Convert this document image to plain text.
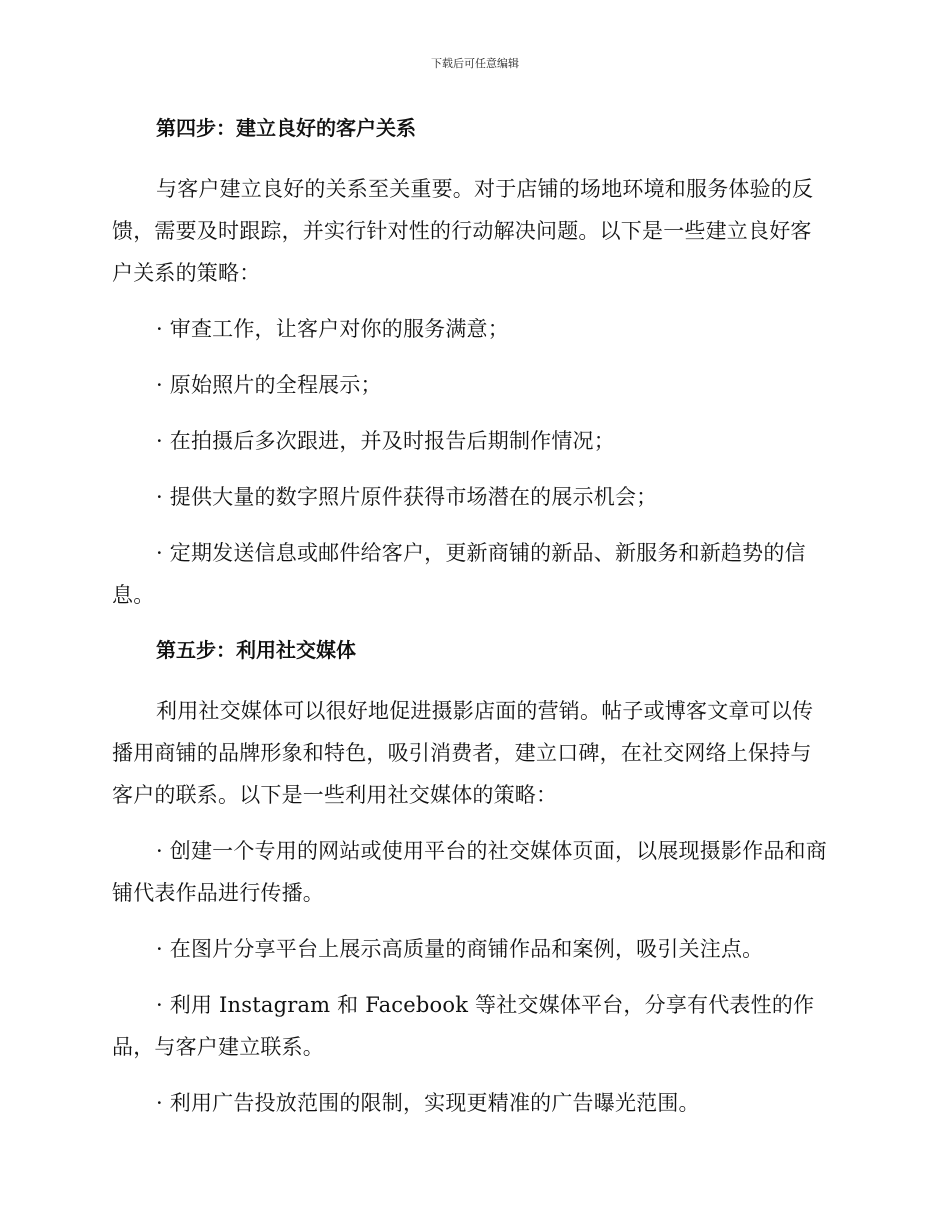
下载后可任意编辑
第四步：建立良好的客户关系

与客户建立良好的关系至关重要。对于店铺的场地环境和服务体验的反馈，需要及时跟踪，并实行针对性的行动解决问题。以下是一些建立良好客户关系的策略：

· 审查工作，让客户对你的服务满意；

· 原始照片的全程展示；

· 在拍摄后多次跟进，并及时报告后期制作情况；

· 提供大量的数字照片原件获得市场潜在的展示机会；

· 定期发送信息或邮件给客户，更新商铺的新品、新服务和新趋势的信息。

第五步：利用社交媒体

利用社交媒体可以很好地促进摄影店面的营销。帖子或博客文章可以传播用商铺的品牌形象和特色，吸引消费者，建立口碑，在社交网络上保持与客户的联系。以下是一些利用社交媒体的策略：

· 创建一个专用的网站或使用平台的社交媒体页面，以展现摄影作品和商铺代表作品进行传播。

· 在图片分享平台上展示高质量的商铺作品和案例，吸引关注点。

· 利用 Instagram 和 Facebook 等社交媒体平台，分享有代表性的作品，与客户建立联系。

· 利用广告投放范围的限制，实现更精准的广告曝光范围。
